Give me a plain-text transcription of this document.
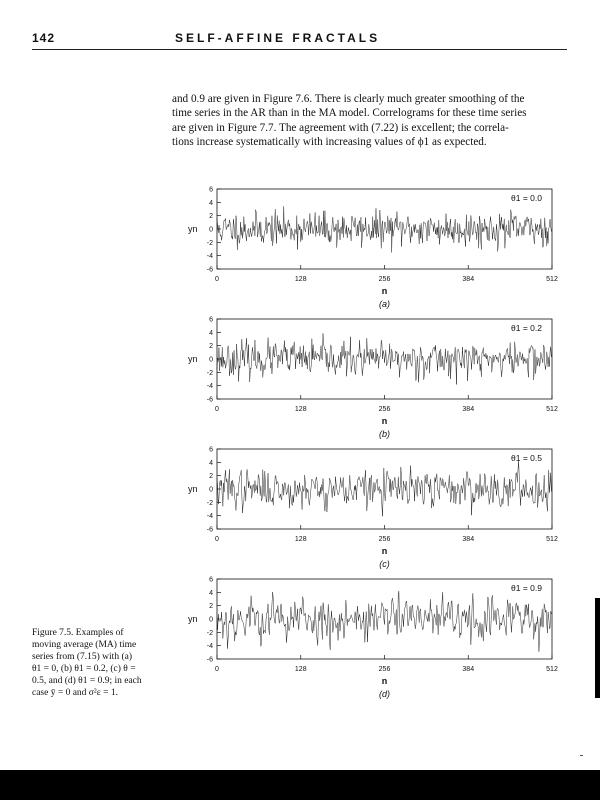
142	SELF-AFFINE FRACTALS
and 0.9 are given in Figure 7.6. There is clearly much greater smoothing of the
time series in the AR than in the MA model. Correlograms for these time series
are given in Figure 7.7. The agreement with (7.22) is excellent; the correla-
tions increase systematically with increasing values of ϕ1 as expected.
6
4
2
0
-2
-4
-6
0	128	256	384	512
yn
n
(a)
θ1 = 0.0
6
4
2
0
-2
-4
-6
0	128	256	384	512
yn
n
(b)
θ1 = 0.2
6
4
2
0
-2
-4
-6
0	128	256	384	512
yn
n
(c)
θ1 = 0.5
6
4
2
0
-2
-4
-6
0	128	256	384	512
yn
n
(d)
θ1 = 0.9
Figure 7.5. Examples of
moving average (MA) time
series from (7.15) with (a)
θ1 = 0, (b) θ1 = 0.2, (c) θ =
0.5, and (d) θ1 = 0.9; in each
case ȳ = 0 and σ²ε = 1.
